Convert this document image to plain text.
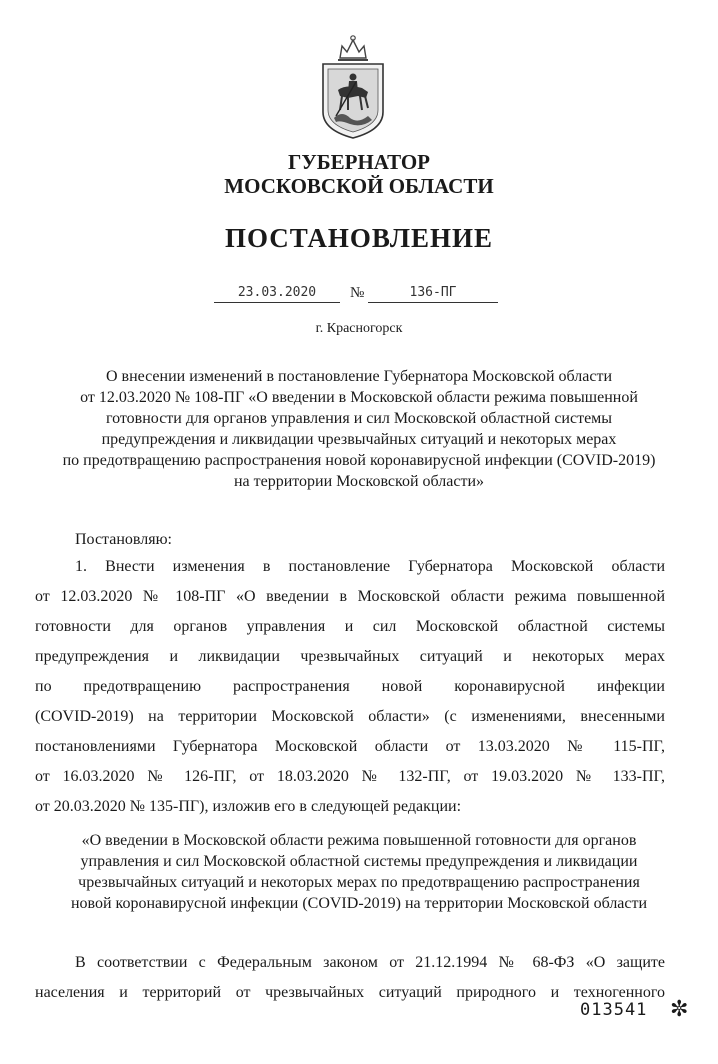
ГУБЕРНАТОР
МОСКОВСКОЙ ОБЛАСТИ
ПОСТАНОВЛЕНИЕ
23.03.2020	№	136-ПГ
г. Красногорск
О внесении изменений в постановление Губернатора Московской области
от 12.03.2020 № 108-ПГ «О введении в Московской области режима повышенной
готовности для органов управления и сил Московской областной системы
предупреждения и ликвидации чрезвычайных ситуаций и некоторых мерах
по предотвращению распространения новой коронавирусной инфекции (COVID-2019)
на территории Московской области»
Постановляю:
1. Внести изменения в постановление Губернатора Московской области
от 12.03.2020 № 108-ПГ «О введении в Московской области режима повышенной
готовности для органов управления и сил Московской областной системы
предупреждения и ликвидации чрезвычайных ситуаций и некоторых мерах
по предотвращению распространения новой коронавирусной инфекции
(COVID-2019) на территории Московской области» (с изменениями, внесенными
постановлениями Губернатора Московской области от 13.03.2020 № 115-ПГ,
от 16.03.2020 № 126-ПГ, от 18.03.2020 № 132-ПГ, от 19.03.2020 № 133-ПГ,
от 20.03.2020 № 135-ПГ), изложив его в следующей редакции:
«О введении в Московской области режима повышенной готовности для органов
управления и сил Московской областной системы предупреждения и ликвидации
чрезвычайных ситуаций и некоторых мерах по предотвращению распространения
новой коронавирусной инфекции (COVID-2019) на территории Московской области
В соответствии с Федеральным законом от 21.12.1994 № 68-ФЗ «О защите
населения и территорий от чрезвычайных ситуаций природного и техногенного
013541 ✼
